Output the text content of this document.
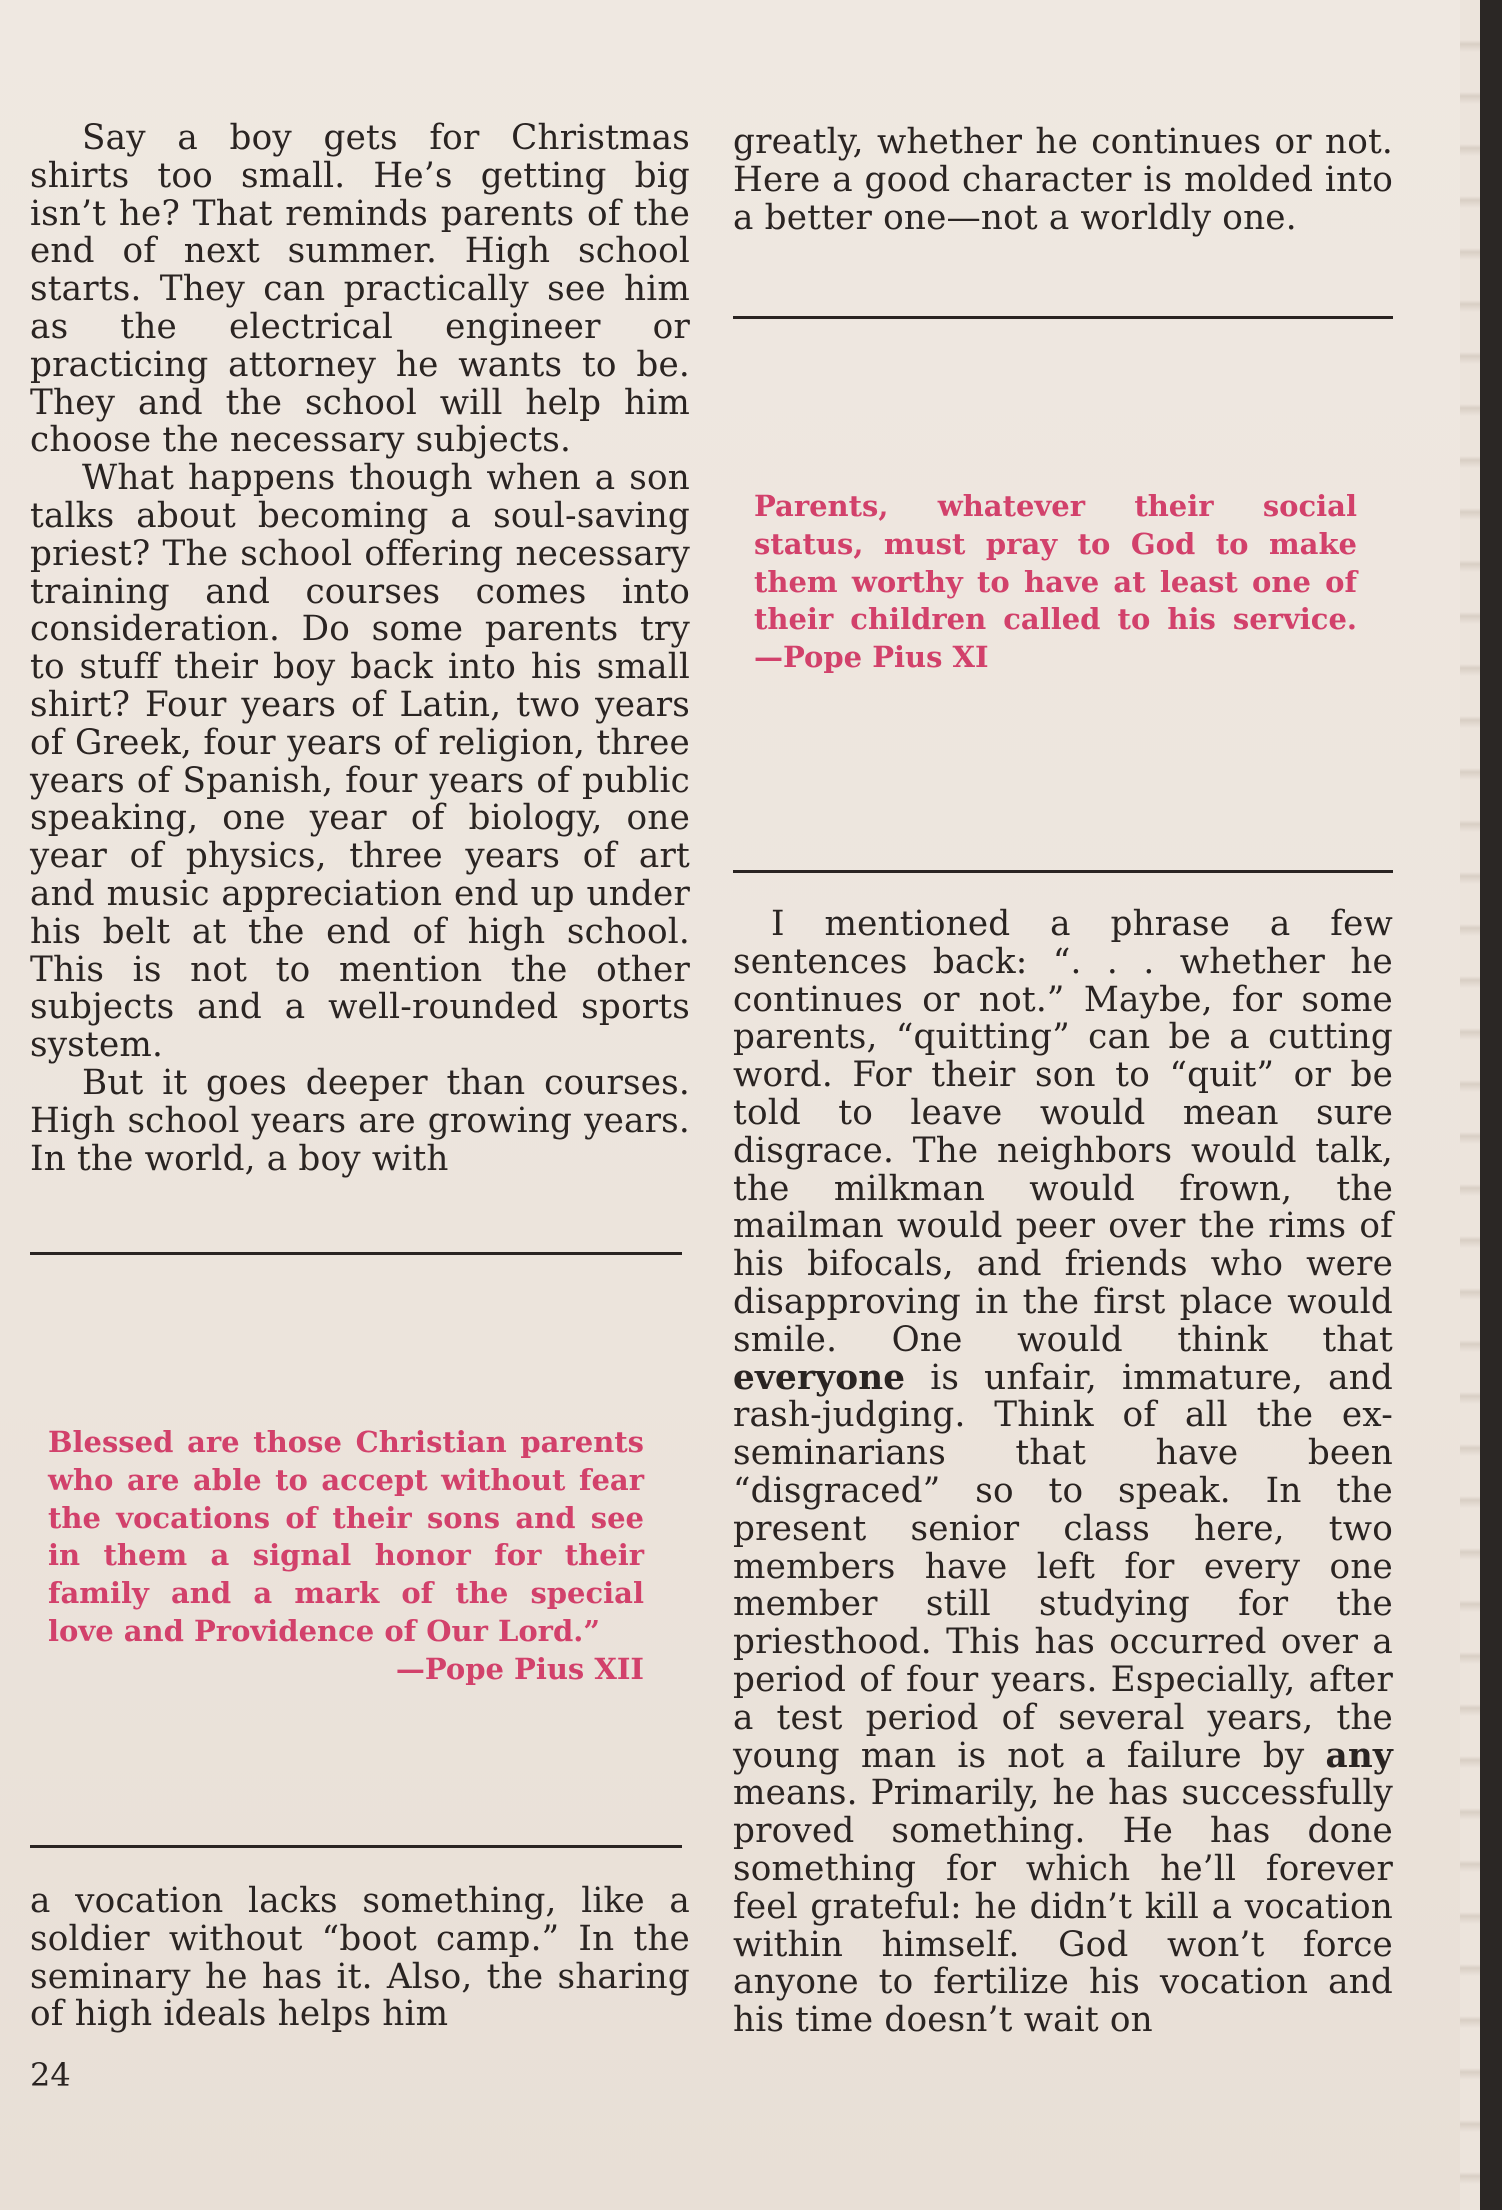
Say a boy gets for Christmas shirts too small. He’s getting big isn’t he? That reminds parents of the end of next summer. High school starts. They can practically see him as the electrical engineer or practicing attorney he wants to be. They and the school will help him choose the necessary subjects.

What happens though when a son talks about becoming a soul-saving priest? The school offering necessary training and courses comes into consideration. Do some parents try to stuff their boy back into his small shirt? Four years of Latin, two years of Greek, four years of religion, three years of Spanish, four years of public speaking, one year of biology, one year of physics, three years of art and music appreciation end up under his belt at the end of high school. This is not to mention the other subjects and a well-rounded sports system.

But it goes deeper than courses. High school years are growing years. In the world, a boy with

Blessed are those Christian parents who are able to accept without fear the vocations of their sons and see in them a signal honor for their family and a mark of the special love and Providence of Our Lord.”
—Pope Pius XII

a vocation lacks something, like a soldier without “boot camp.” In the seminary he has it. Also, the sharing of high ideals helps him

24

greatly, whether he continues or not. Here a good character is molded into a better one—not a worldly one.

Parents, whatever their social status, must pray to God to make them worthy to have at least one of their children called to his service. —Pope Pius XI

I mentioned a phrase a few sentences back: “. . . whether he continues or not.” Maybe, for some parents, “quitting” can be a cutting word. For their son to “quit” or be told to leave would mean sure disgrace. The neighbors would talk, the milkman would frown, the mailman would peer over the rims of his bifocals, and friends who were disapproving in the first place would smile. One would think that everyone is unfair, immature, and rash-judging. Think of all the ex-seminarians that have been “disgraced” so to speak. In the present senior class here, two members have left for every one member still studying for the priesthood. This has occurred over a period of four years. Especially, after a test period of several years, the young man is not a failure by any means. Primarily, he has successfully proved something. He has done something for which he’ll forever feel grateful: he didn’t kill a vocation within himself. God won’t force anyone to fertilize his vocation and his time doesn’t wait on
